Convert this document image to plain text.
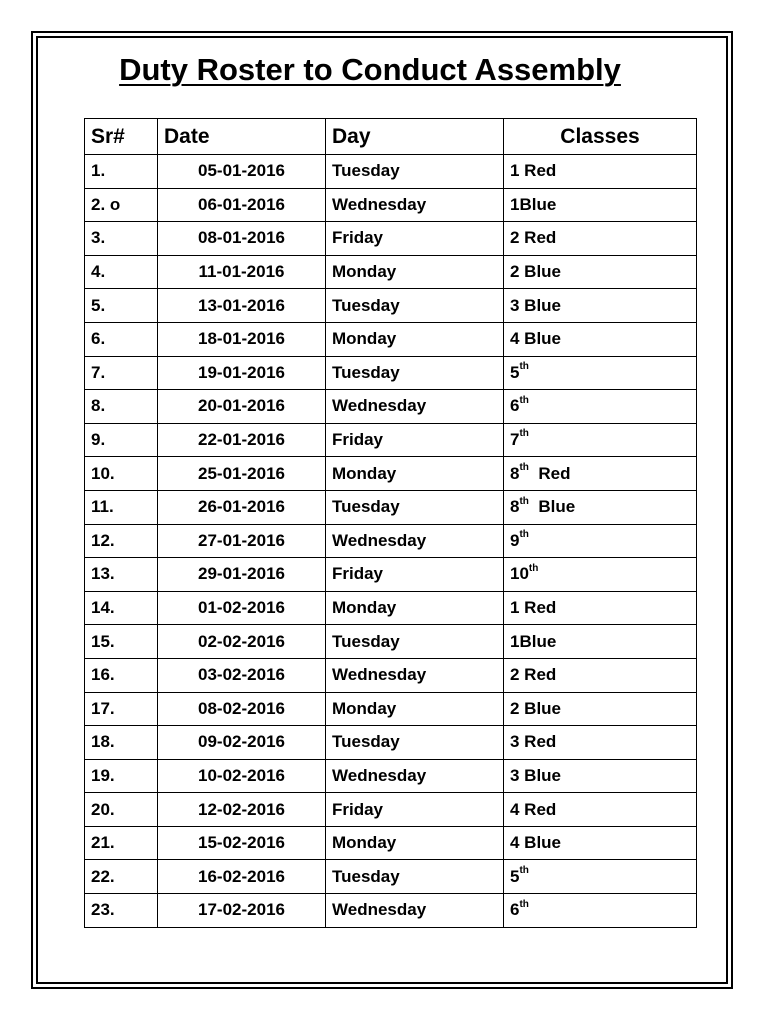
Duty Roster to Conduct Assembly
Sr#	Date	Day	Classes
1.	05-01-2016	Tuesday	1 Red
2. o	06-01-2016	Wednesday	1Blue
3.	08-01-2016	Friday	2 Red
4.	11-01-2016	Monday	2 Blue
5.	13-01-2016	Tuesday	3 Blue
6.	18-01-2016	Monday	4 Blue
7.	19-01-2016	Tuesday	5th
8.	20-01-2016	Wednesday	6th
9.	22-01-2016	Friday	7th
10.	25-01-2016	Monday	8th Red
11.	26-01-2016	Tuesday	8th Blue
12.	27-01-2016	Wednesday	9th
13.	29-01-2016	Friday	10th
14.	01-02-2016	Monday	1 Red
15.	02-02-2016	Tuesday	1Blue
16.	03-02-2016	Wednesday	2 Red
17.	08-02-2016	Monday	2 Blue
18.	09-02-2016	Tuesday	3 Red
19.	10-02-2016	Wednesday	3 Blue
20.	12-02-2016	Friday	4 Red
21.	15-02-2016	Monday	4 Blue
22.	16-02-2016	Tuesday	5th
23.	17-02-2016	Wednesday	6th
